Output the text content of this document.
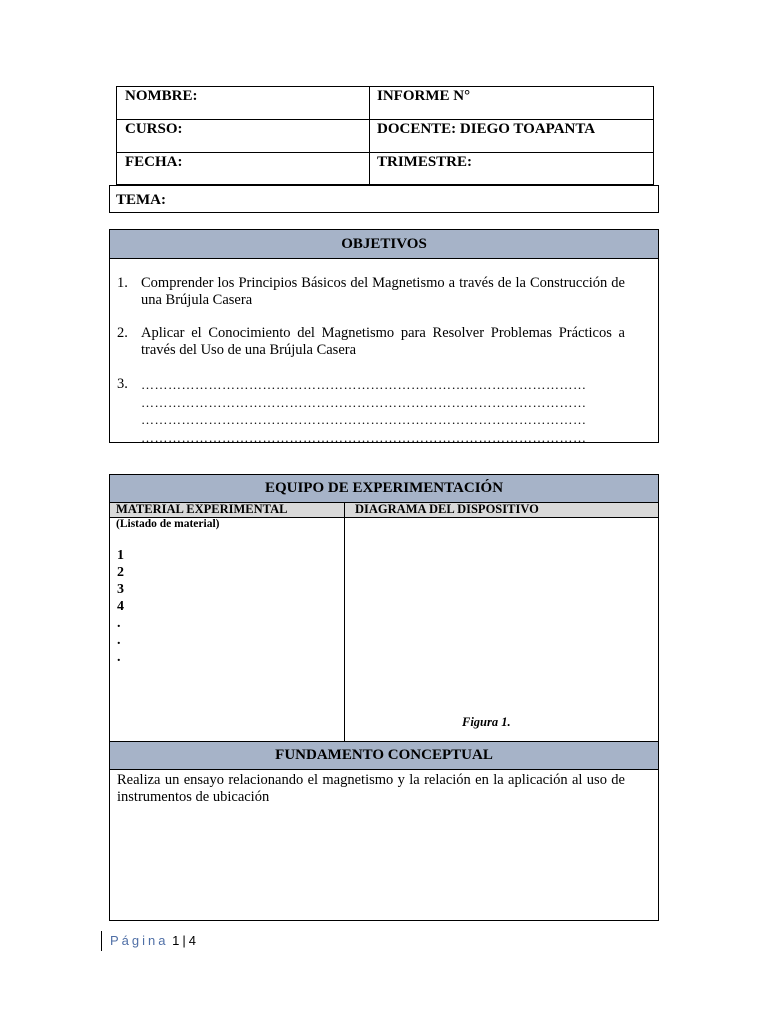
NOMBRE:	INFORME N°
CURSO:	DOCENTE: DIEGO TOAPANTA
FECHA:	TRIMESTRE:
TEMA:
OBJETIVOS
1. Comprender los Principios Básicos del Magnetismo a través de la Construcción de una Brújula Casera
2. Aplicar el Conocimiento del Magnetismo para Resolver Problemas Prácticos a través del Uso de una Brújula Casera
3. ………………………………………………………………………………………
………………………………………………………………………………………
………………………………………………………………………………………
………………………………………………………………………………………
EQUIPO DE EXPERIMENTACIÓN
MATERIAL EXPERIMENTAL	DIAGRAMA DEL DISPOSITIVO
(Listado de material)
1
2
3
4
.
.
.
Figura 1.
FUNDAMENTO CONCEPTUAL
Realiza un ensayo relacionando el magnetismo y la relación en la aplicación al uso de instrumentos de ubicación
Página 1 | 4
